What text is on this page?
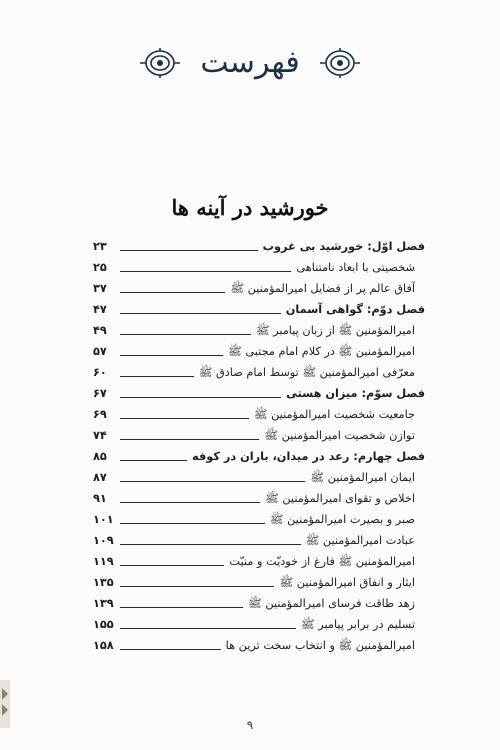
فهرست
خورشید در آینه ها
فصل اوّل: خورشید بی غروب
۲۳
شخصیتی با ابعاد نامتناهی
۲۵
آفاق عالم پر از فضایل امیرالمؤمنین ﷺ
۳۷
فصل دوّم: گواهی آسمان
۴۷
امیرالمؤمنین ﷺ از زبان پیامبر ﷺ
۴۹
امیرالمؤمنین ﷺ در کلام امام مجتبی ﷺ
۵۷
معرّفی امیرالمؤمنین ﷺ توسط امام صادق ﷺ
۶۰
فصل سوّم: میزان هستی
۶۷
جامعیت شخصیت امیرالمؤمنین ﷺ
۶۹
توازن شخصیت امیرالمؤمنین ﷺ
۷۴
فصل چهارم: رعد در میدان، باران در کوفه
۸۵
ایمان امیرالمؤمنین ﷺ
۸۷
اخلاص و تقوای امیرالمؤمنین ﷺ
۹۱
صبر و بصیرت امیرالمؤمنین ﷺ
۱۰۱
عبادت امیرالمؤمنین ﷺ
۱۰۹
امیرالمؤمنین ﷺ فارغ از خودیّت و منیّت
۱۱۹
ایثار و انفاق امیرالمؤمنین ﷺ
۱۳۵
زهد طاقت فرسای امیرالمؤمنین ﷺ
۱۳۹
تسلیم در برابر پیامبر ﷺ
۱۵۵
امیرالمؤمنین ﷺ و انتخاب سخت ترین ها
۱۵۸
۹
